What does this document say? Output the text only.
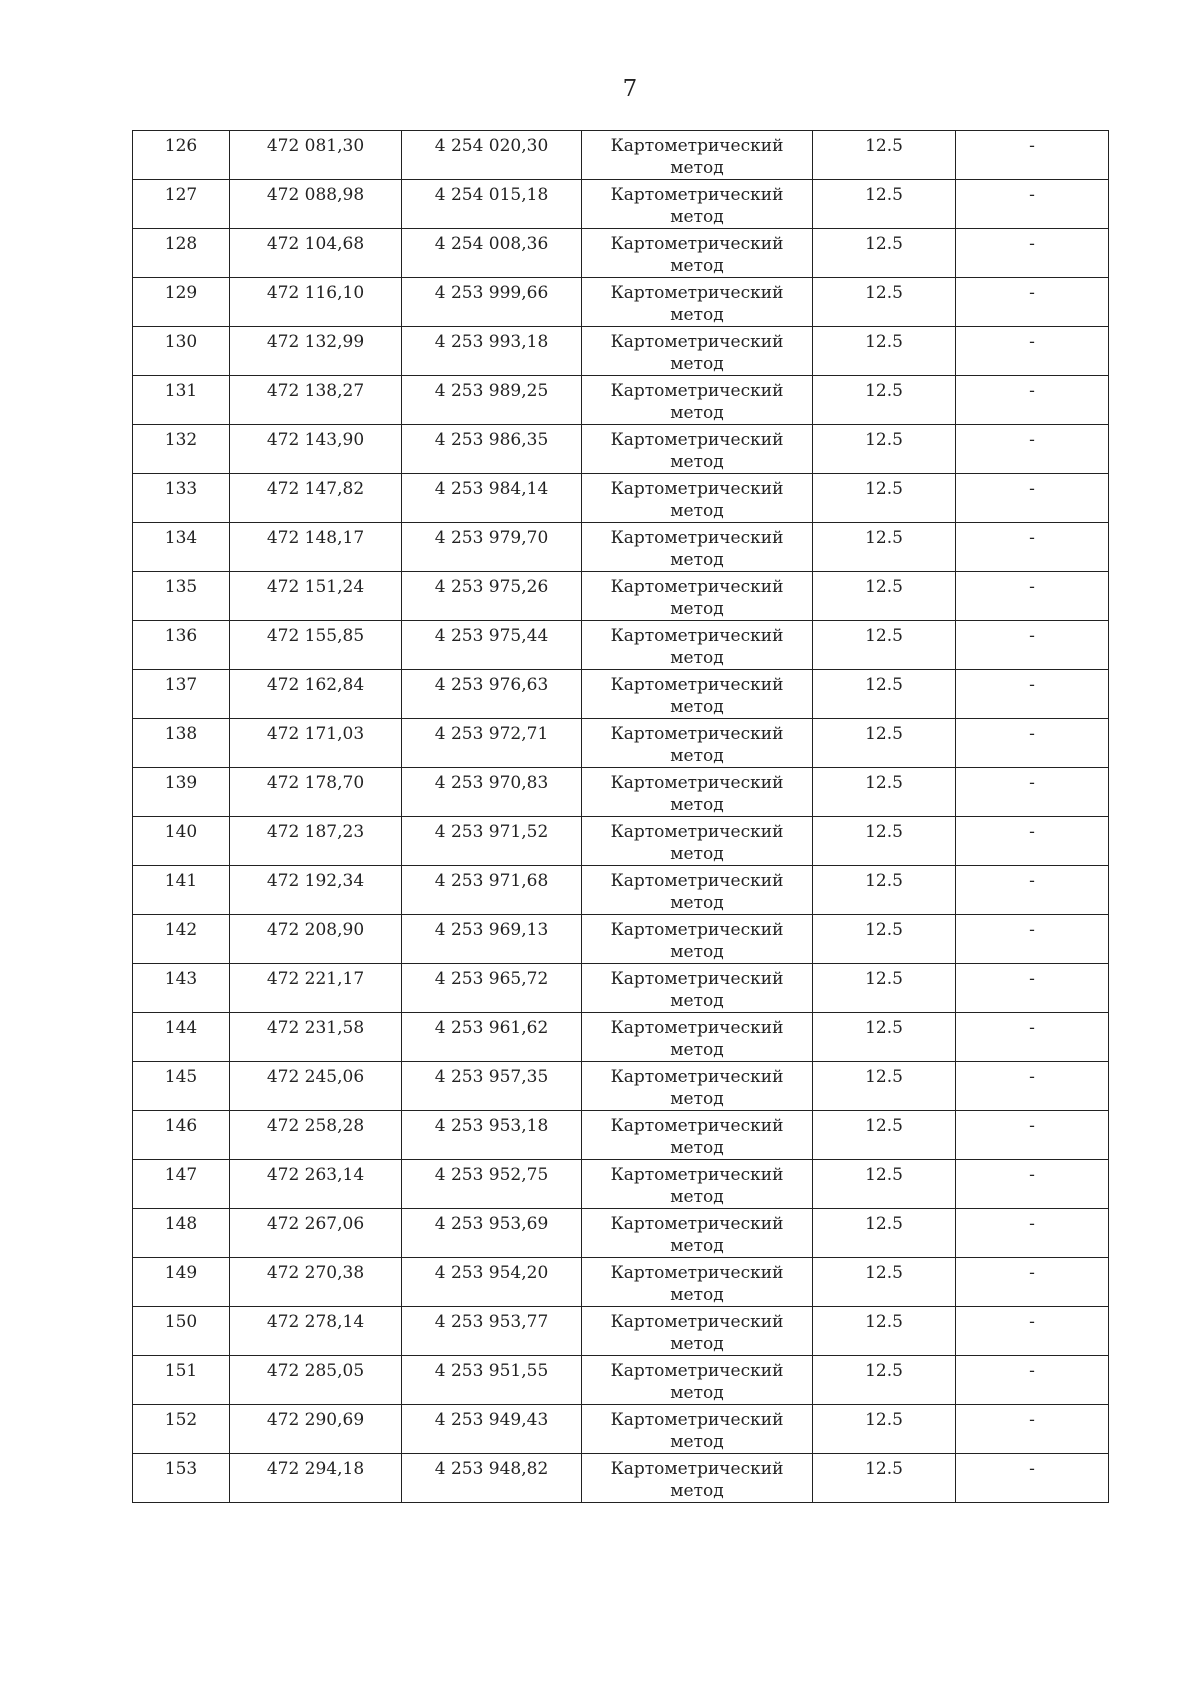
7
126	472 081,30	4 254 020,30	Картометрический метод	12.5	-
127	472 088,98	4 254 015,18	Картометрический метод	12.5	-
128	472 104,68	4 254 008,36	Картометрический метод	12.5	-
129	472 116,10	4 253 999,66	Картометрический метод	12.5	-
130	472 132,99	4 253 993,18	Картометрический метод	12.5	-
131	472 138,27	4 253 989,25	Картометрический метод	12.5	-
132	472 143,90	4 253 986,35	Картометрический метод	12.5	-
133	472 147,82	4 253 984,14	Картометрический метод	12.5	-
134	472 148,17	4 253 979,70	Картометрический метод	12.5	-
135	472 151,24	4 253 975,26	Картометрический метод	12.5	-
136	472 155,85	4 253 975,44	Картометрический метод	12.5	-
137	472 162,84	4 253 976,63	Картометрический метод	12.5	-
138	472 171,03	4 253 972,71	Картометрический метод	12.5	-
139	472 178,70	4 253 970,83	Картометрический метод	12.5	-
140	472 187,23	4 253 971,52	Картометрический метод	12.5	-
141	472 192,34	4 253 971,68	Картометрический метод	12.5	-
142	472 208,90	4 253 969,13	Картометрический метод	12.5	-
143	472 221,17	4 253 965,72	Картометрический метод	12.5	-
144	472 231,58	4 253 961,62	Картометрический метод	12.5	-
145	472 245,06	4 253 957,35	Картометрический метод	12.5	-
146	472 258,28	4 253 953,18	Картометрический метод	12.5	-
147	472 263,14	4 253 952,75	Картометрический метод	12.5	-
148	472 267,06	4 253 953,69	Картометрический метод	12.5	-
149	472 270,38	4 253 954,20	Картометрический метод	12.5	-
150	472 278,14	4 253 953,77	Картометрический метод	12.5	-
151	472 285,05	4 253 951,55	Картометрический метод	12.5	-
152	472 290,69	4 253 949,43	Картометрический метод	12.5	-
153	472 294,18	4 253 948,82	Картометрический метод	12.5	-
